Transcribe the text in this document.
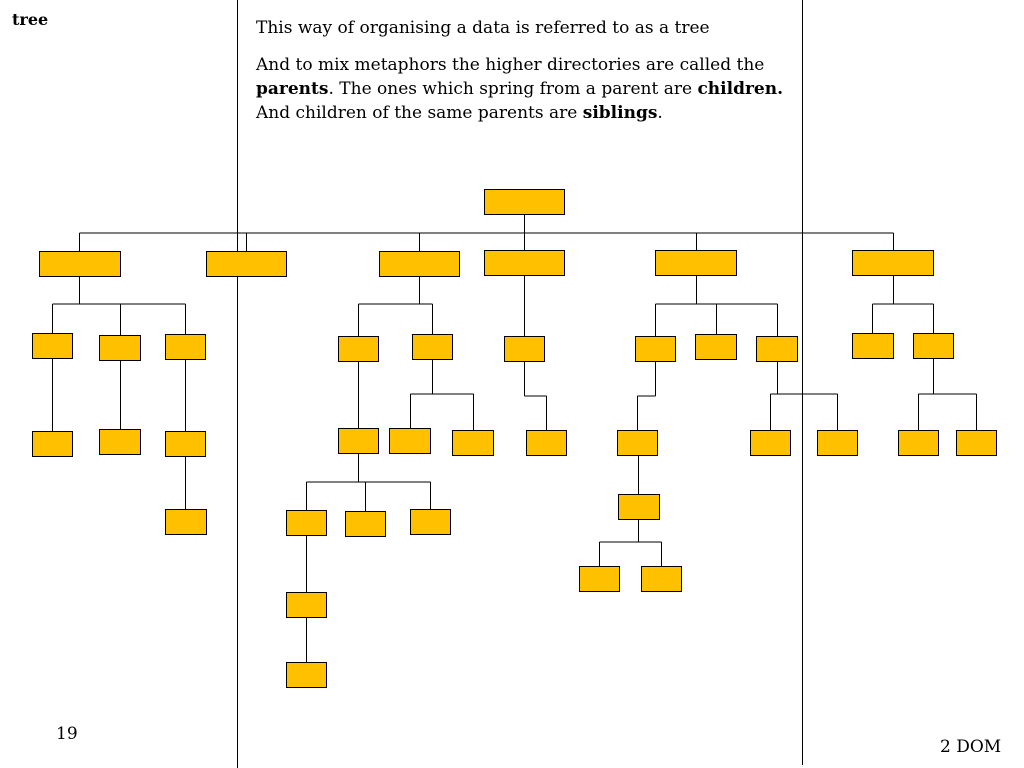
tree	This way of organising a data is referred to as a tree
And to mix metaphors the higher directories are called the parents. The ones which spring from a parent are children. And children of the same parents are siblings.
19
2 DOM
